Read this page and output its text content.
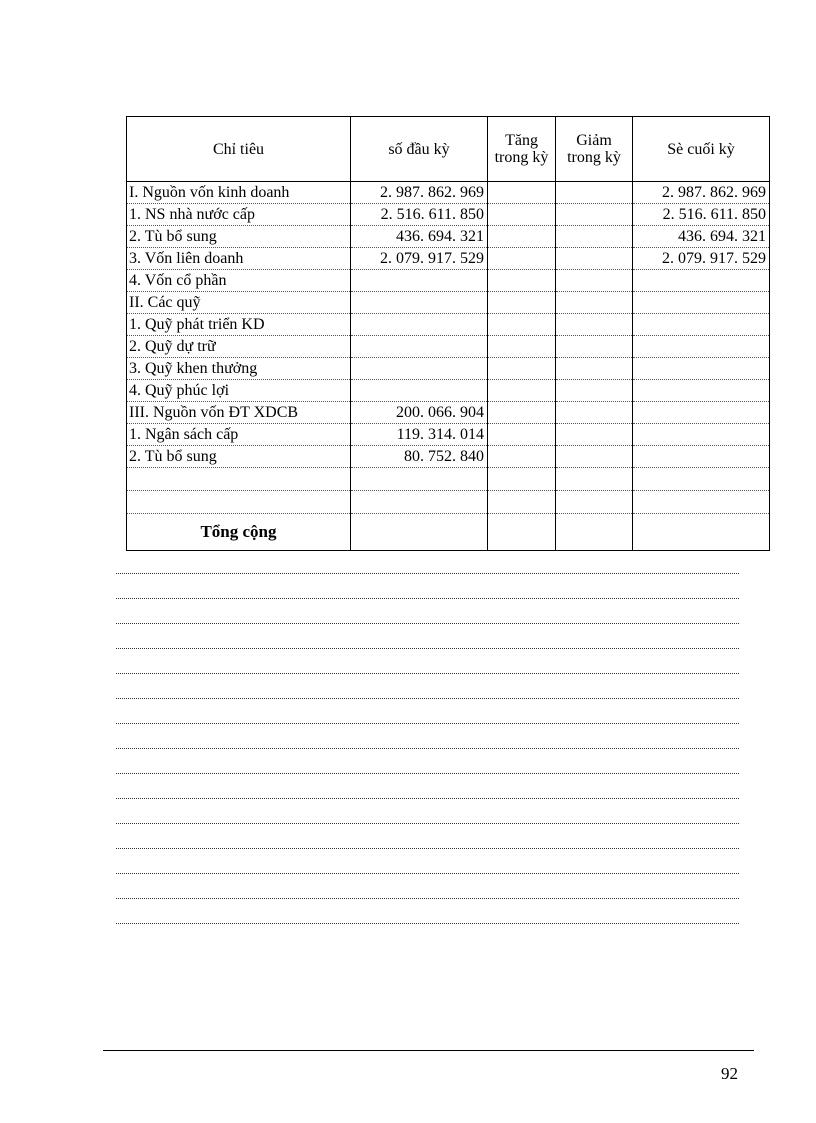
Chỉ tiêu	số đầu kỳ	Tăng trong kỳ	Giảm trong kỳ	Sè cuối kỳ
I. Nguồn vốn kinh doanh	2. 987. 862. 969			2. 987. 862. 969
1. NS nhà nước cấp	2. 516. 611. 850			2. 516. 611. 850
2. Tù bổ sung	436. 694. 321			436. 694. 321
3. Vốn liên doanh	2. 079. 917. 529			2. 079. 917. 529
4. Vốn cổ phần				
II. Các quỹ				
1. Quỹ phát triển KD				
2. Quỹ dự trữ				
3. Quỹ khen thưởng				
4. Quỹ phúc lợi				
III. Nguồn vốn ĐT XDCB	200. 066. 904			
1. Ngân sách cấp	119. 314. 014			
2. Tù bổ sung	80. 752. 840			

Tổng cộng				
92
